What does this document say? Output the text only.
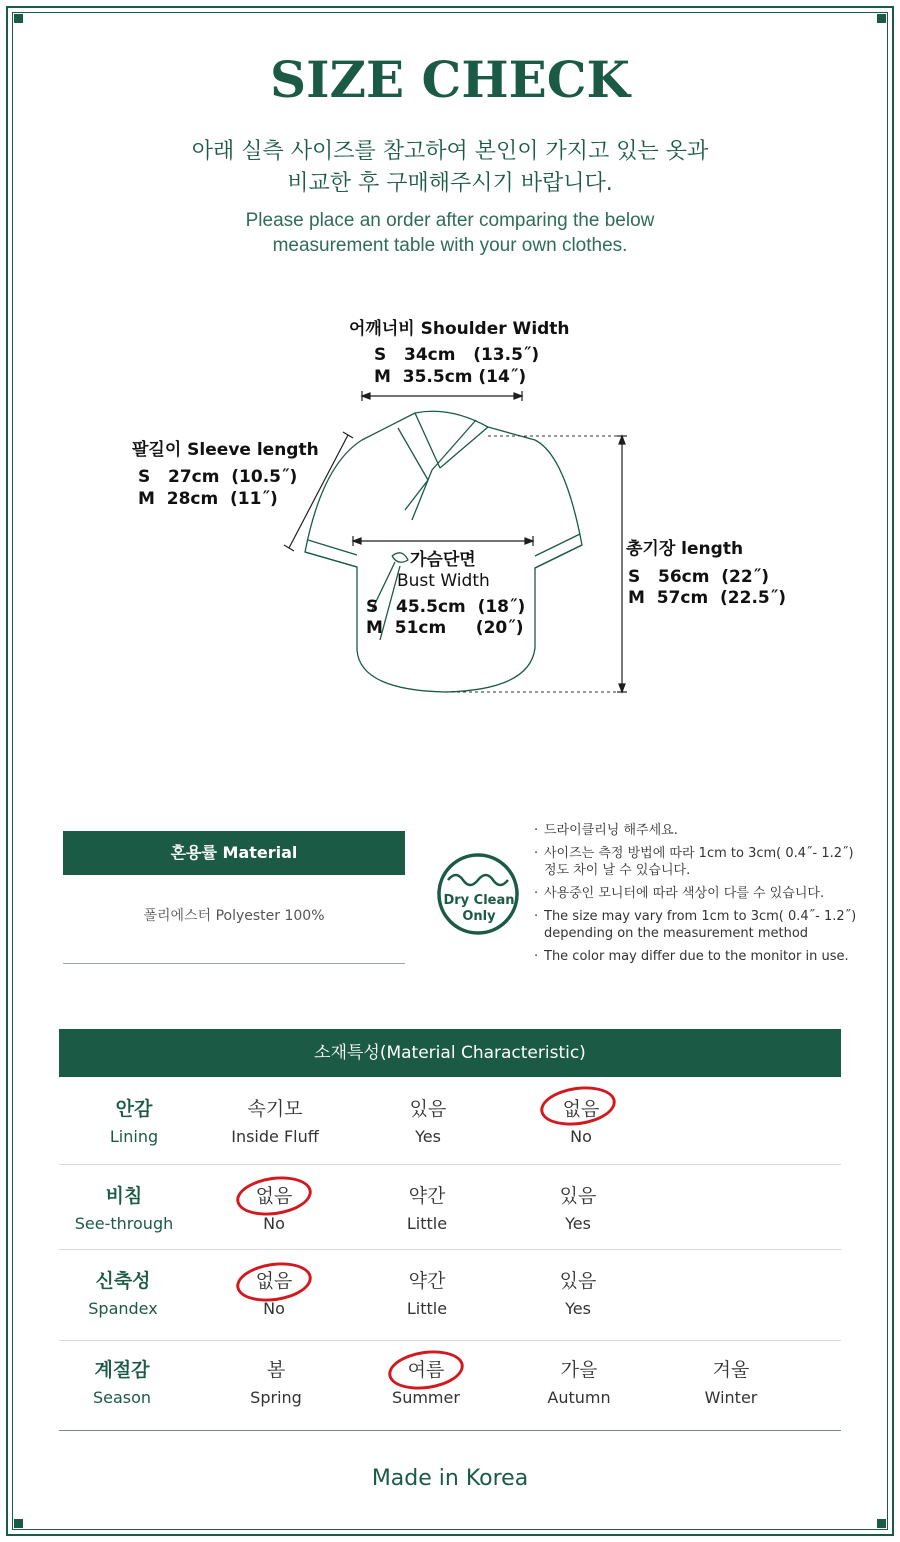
SIZE CHECK
아래 실측 사이즈를 참고하여 본인이 가지고 있는 옷과
비교한 후 구매해주시기 바랍니다.
Please place an order after comparing the below
measurement table with your own clothes.
어깨너비 Shoulder Width
S   34cm   (13.5˝)
M  35.5cm (14˝)
팔길이 Sleeve length
S   27cm  (10.5˝)
M  28cm  (11˝)
가슴단면
Bust Width
S   45.5cm  (18˝)
M  51cm     (20˝)
총기장 length
S   56cm  (22˝)
M  57cm  (22.5˝)
혼용률 Material
폴리에스터 Polyester 100%
Dry Clean
Only
· 드라이클리닝 해주세요.
· 사이즈는 측정 방법에 따라 1cm to 3cm( 0.4˝- 1.2˝) 정도 차이 날 수 있습니다.
· 사용중인 모니터에 따라 색상이 다를 수 있습니다.
· The size may vary from 1cm to 3cm( 0.4˝- 1.2˝) depending on the measurement method
· The color may differ due to the monitor in use.
소재특성(Material Characteristic)
안감
Lining
속기모
Inside Fluff
있음
Yes
없음
No
비침
See-through
없음
No
약간
Little
있음
Yes
신축성
Spandex
없음
No
약간
Little
있음
Yes
계절감
Season
봄
Spring
여름
Summer
가을
Autumn
겨울
Winter
Made in Korea
